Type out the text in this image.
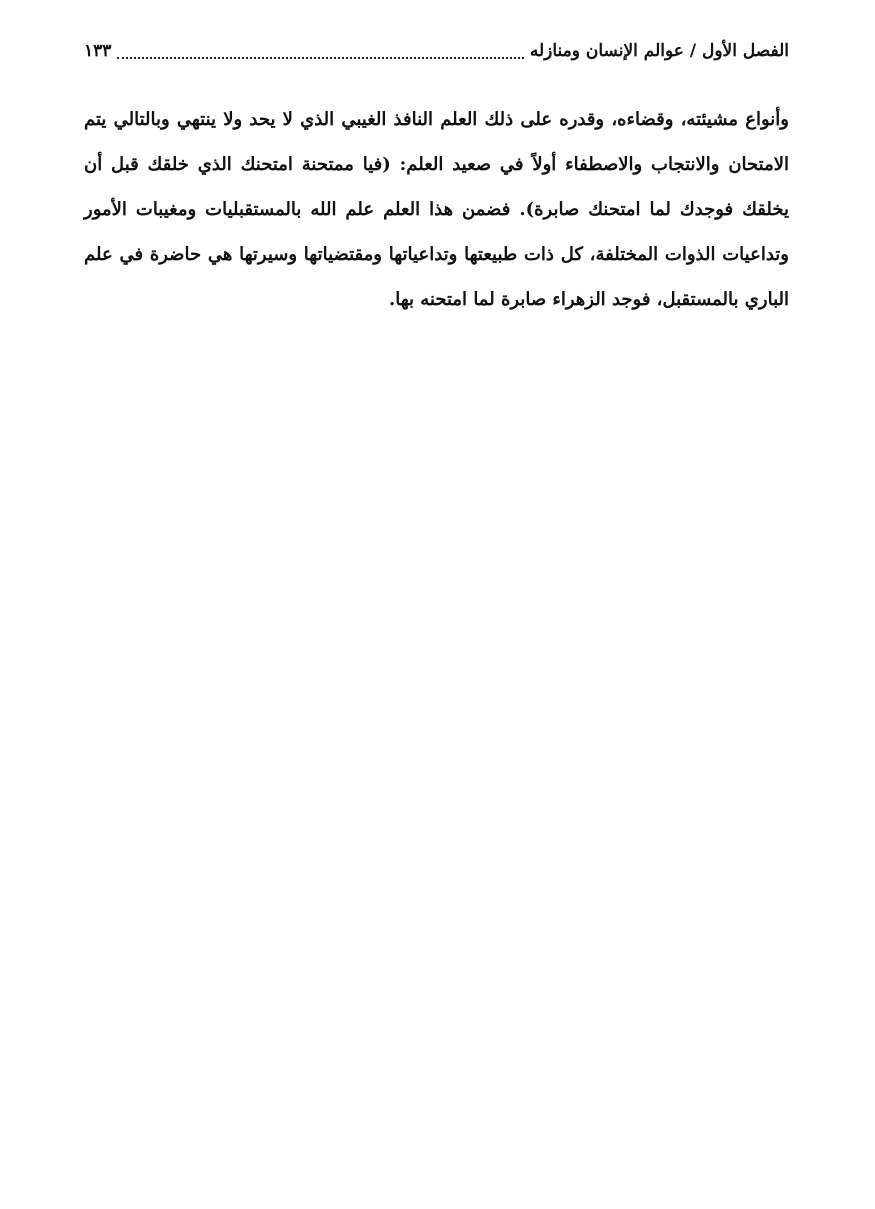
الفصل الأول / عوالم الإنسان ومنازله
١٣٣

وأنواع مشيئته، وقضاءه، وقدره على ذلك العلم النافذ الغيبي الذي لا يحد ولا ينتهي وبالتالي يتم الامتحان والانتجاب والاصطفاء أولاً في صعيد العلم: (فيا ممتحنة امتحنك الذي خلقك قبل أن يخلقك فوجدك لما امتحنك صابرة). فضمن هذا العلم علم الله بالمستقبليات ومغيبات الأمور وتداعيات الذوات المختلفة، كل ذات طبيعتها وتداعياتها ومقتضياتها وسيرتها هي حاضرة في علم الباري بالمستقبل، فوجد الزهراء صابرة لما امتحنه بها.
